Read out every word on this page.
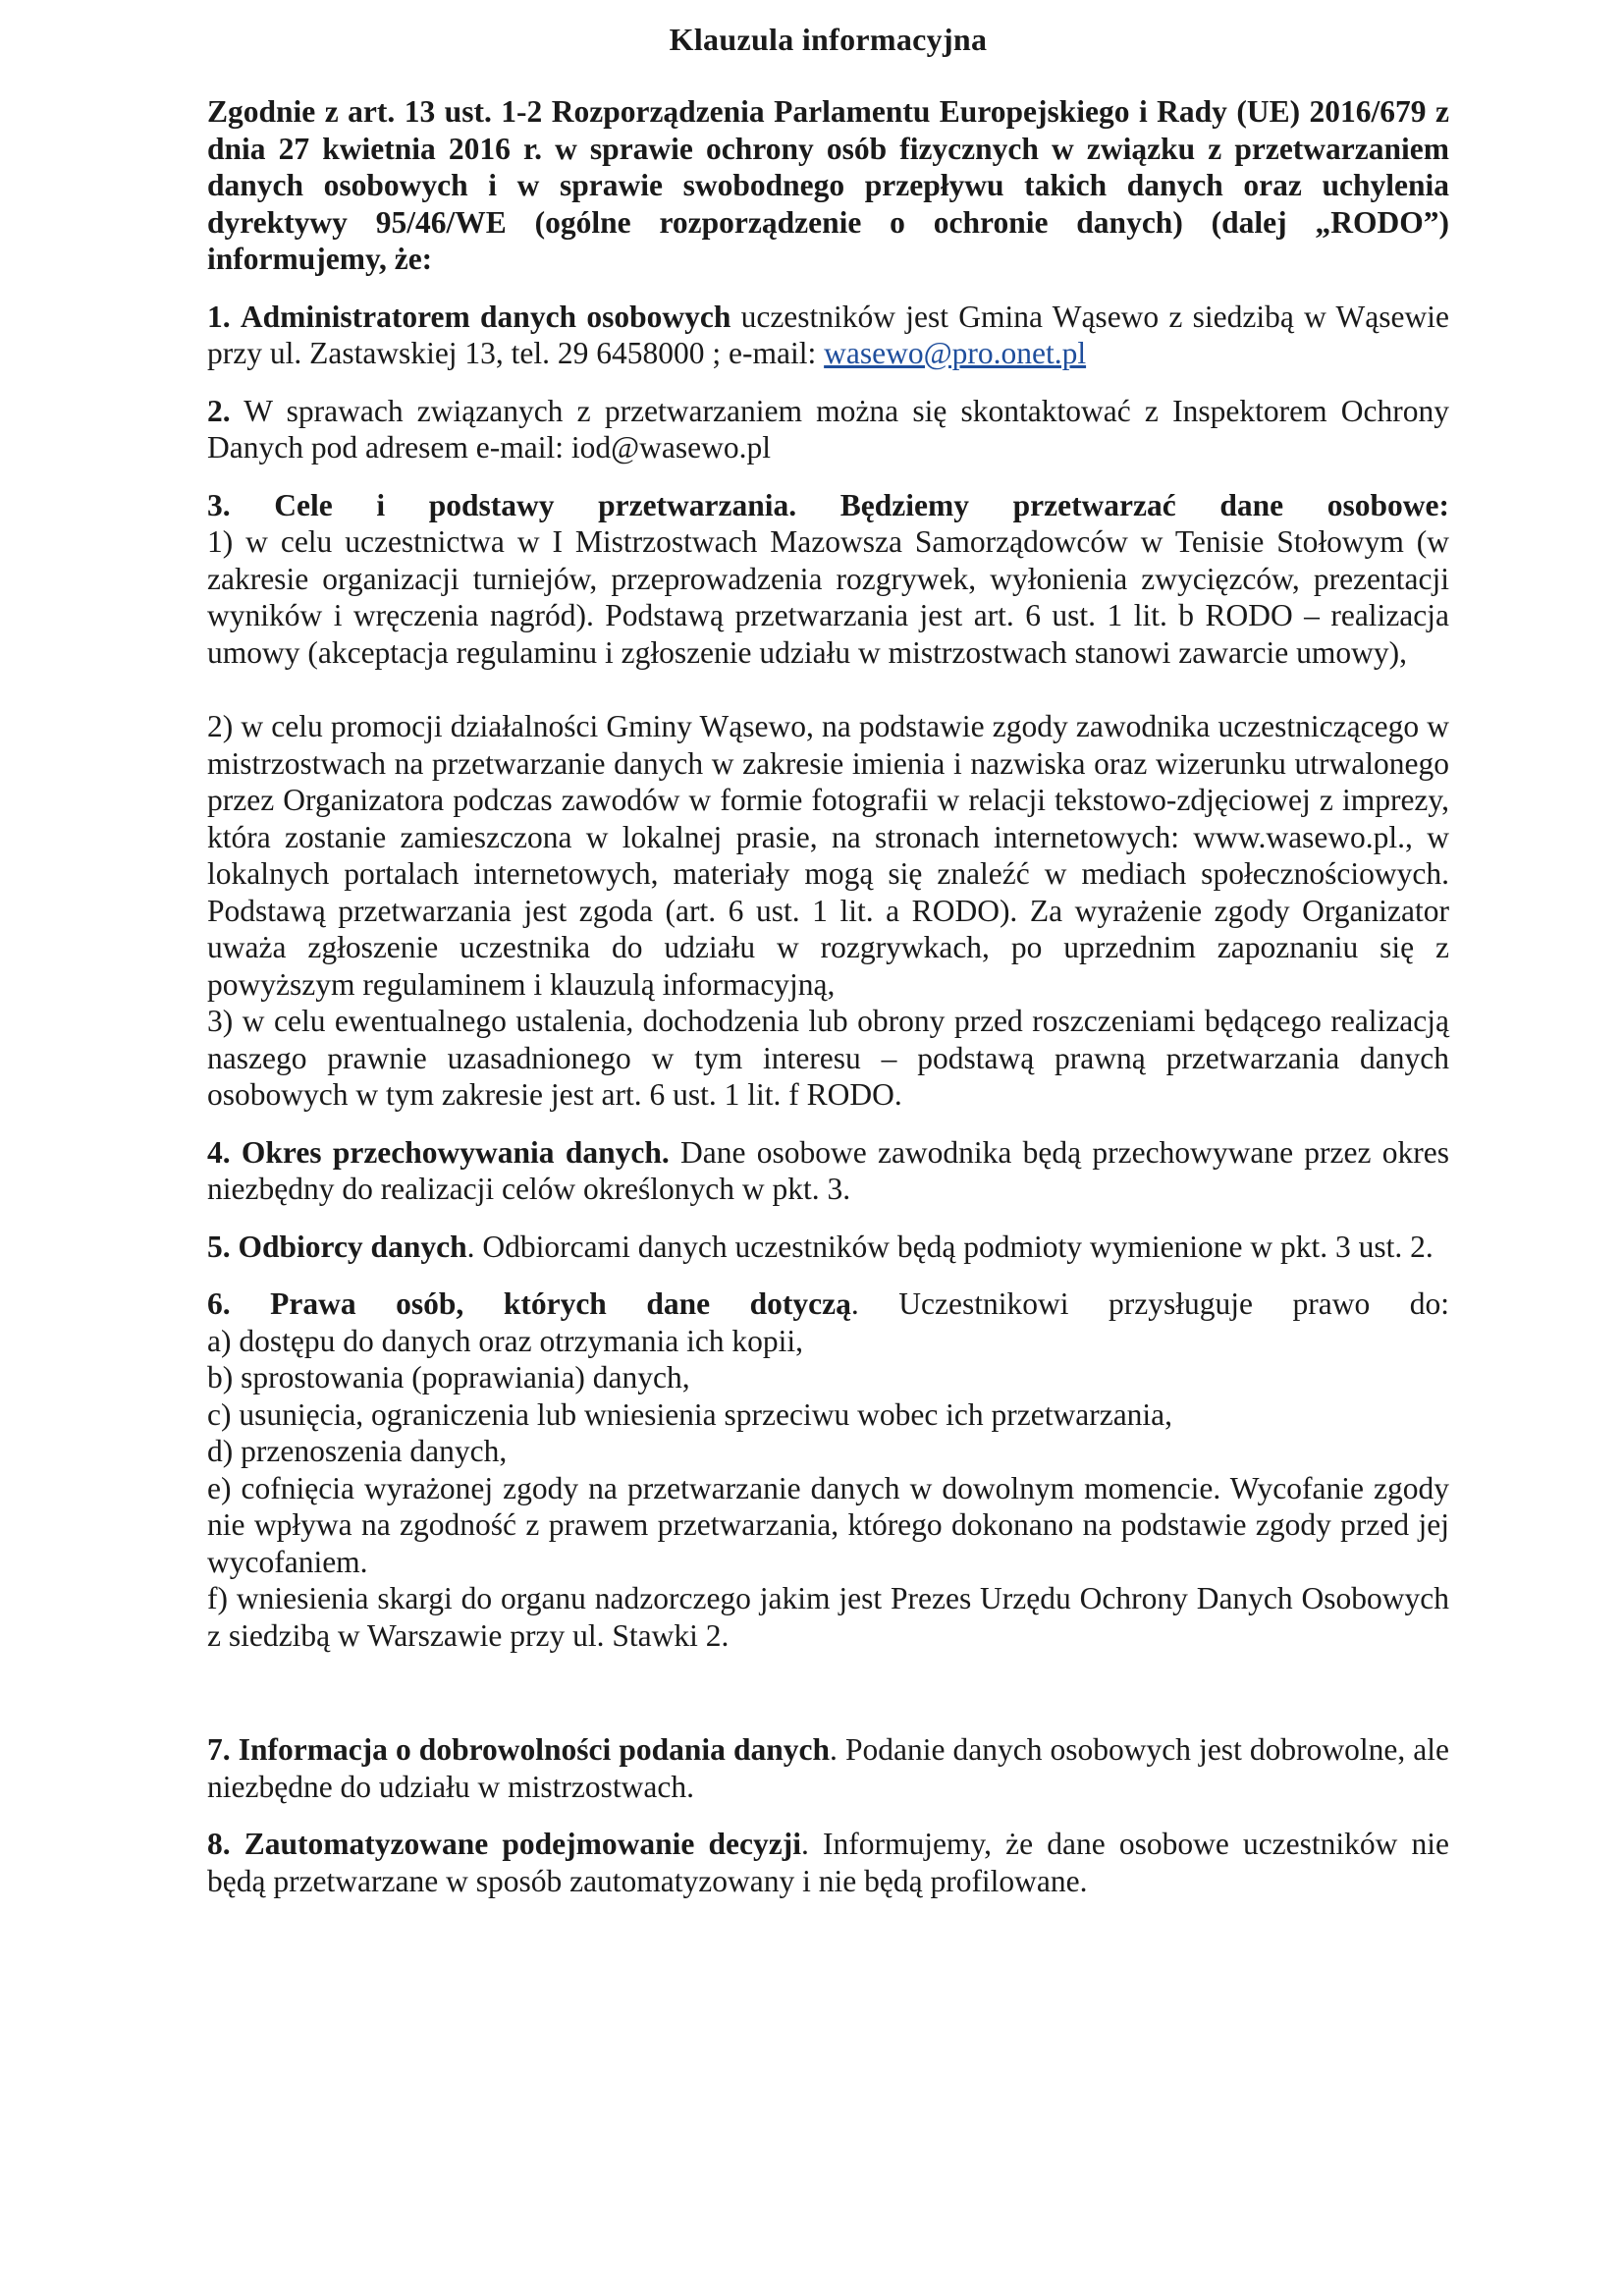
Klauzula informacyjna

Zgodnie z art. 13 ust. 1-2 Rozporządzenia Parlamentu Europejskiego i Rady (UE) 2016/679 z dnia 27 kwietnia 2016 r. w sprawie ochrony osób fizycznych w związku z przetwarzaniem danych osobowych i w sprawie swobodnego przepływu takich danych oraz uchylenia dyrektywy 95/46/WE (ogólne rozporządzenie o ochronie danych) (dalej „RODO”) informujemy, że:

1. Administratorem danych osobowych uczestników jest Gmina Wąsewo z siedzibą w Wąsewie przy ul. Zastawskiej 13, tel. 29 6458000 ; e-mail: wasewo@pro.onet.pl

2. W sprawach związanych z przetwarzaniem można się skontaktować z Inspektorem Ochrony Danych pod adresem e-mail: iod@wasewo.pl

3. Cele i podstawy przetwarzania. Będziemy przetwarzać dane osobowe:
1) w celu uczestnictwa w I Mistrzostwach Mazowsza Samorządowców w Tenisie Stołowym (w zakresie organizacji turniejów, przeprowadzenia rozgrywek, wyłonienia zwycięzców, prezentacji wyników i wręczenia nagród). Podstawą przetwarzania jest art. 6 ust. 1 lit. b RODO – realizacja umowy (akceptacja regulaminu i zgłoszenie udziału w mistrzostwach stanowi zawarcie umowy),

2) w celu promocji działalności Gminy Wąsewo, na podstawie zgody zawodnika uczestniczącego w mistrzostwach na przetwarzanie danych w zakresie imienia i nazwiska oraz wizerunku utrwalonego przez Organizatora podczas zawodów w formie fotografii w relacji tekstowo-zdjęciowej z imprezy, która zostanie zamieszczona w lokalnej prasie, na stronach internetowych: www.wasewo.pl., w lokalnych portalach internetowych, materiały mogą się znaleźć w mediach społecznościowych. Podstawą przetwarzania jest zgoda (art. 6 ust. 1 lit. a RODO). Za wyrażenie zgody Organizator uważa zgłoszenie uczestnika do udziału w rozgrywkach, po uprzednim zapoznaniu się z powyższym regulaminem i klauzulą informacyjną,

3) w celu ewentualnego ustalenia, dochodzenia lub obrony przed roszczeniami będącego realizacją naszego prawnie uzasadnionego w tym interesu – podstawą prawną przetwarzania danych osobowych w tym zakresie jest art. 6 ust. 1 lit. f RODO.

4. Okres przechowywania danych. Dane osobowe zawodnika będą przechowywane przez okres niezbędny do realizacji celów określonych w pkt. 3.

5. Odbiorcy danych. Odbiorcami danych uczestników będą podmioty wymienione w pkt. 3 ust. 2.

6. Prawa osób, których dane dotyczą. Uczestnikowi przysługuje prawo do:
a) dostępu do danych oraz otrzymania ich kopii,
b) sprostowania (poprawiania) danych,
c) usunięcia, ograniczenia lub wniesienia sprzeciwu wobec ich przetwarzania,
d) przenoszenia danych,
e) cofnięcia wyrażonej zgody na przetwarzanie danych w dowolnym momencie. Wycofanie zgody nie wpływa na zgodność z prawem przetwarzania, którego dokonano na podstawie zgody przed jej wycofaniem.
f) wniesienia skargi do organu nadzorczego jakim jest Prezes Urzędu Ochrony Danych Osobowych z siedzibą w Warszawie przy ul. Stawki 2.

7. Informacja o dobrowolności podania danych. Podanie danych osobowych jest dobrowolne, ale niezbędne do udziału w mistrzostwach.

8. Zautomatyzowane podejmowanie decyzji. Informujemy, że dane osobowe uczestników nie będą przetwarzane w sposób zautomatyzowany i nie będą profilowane.
